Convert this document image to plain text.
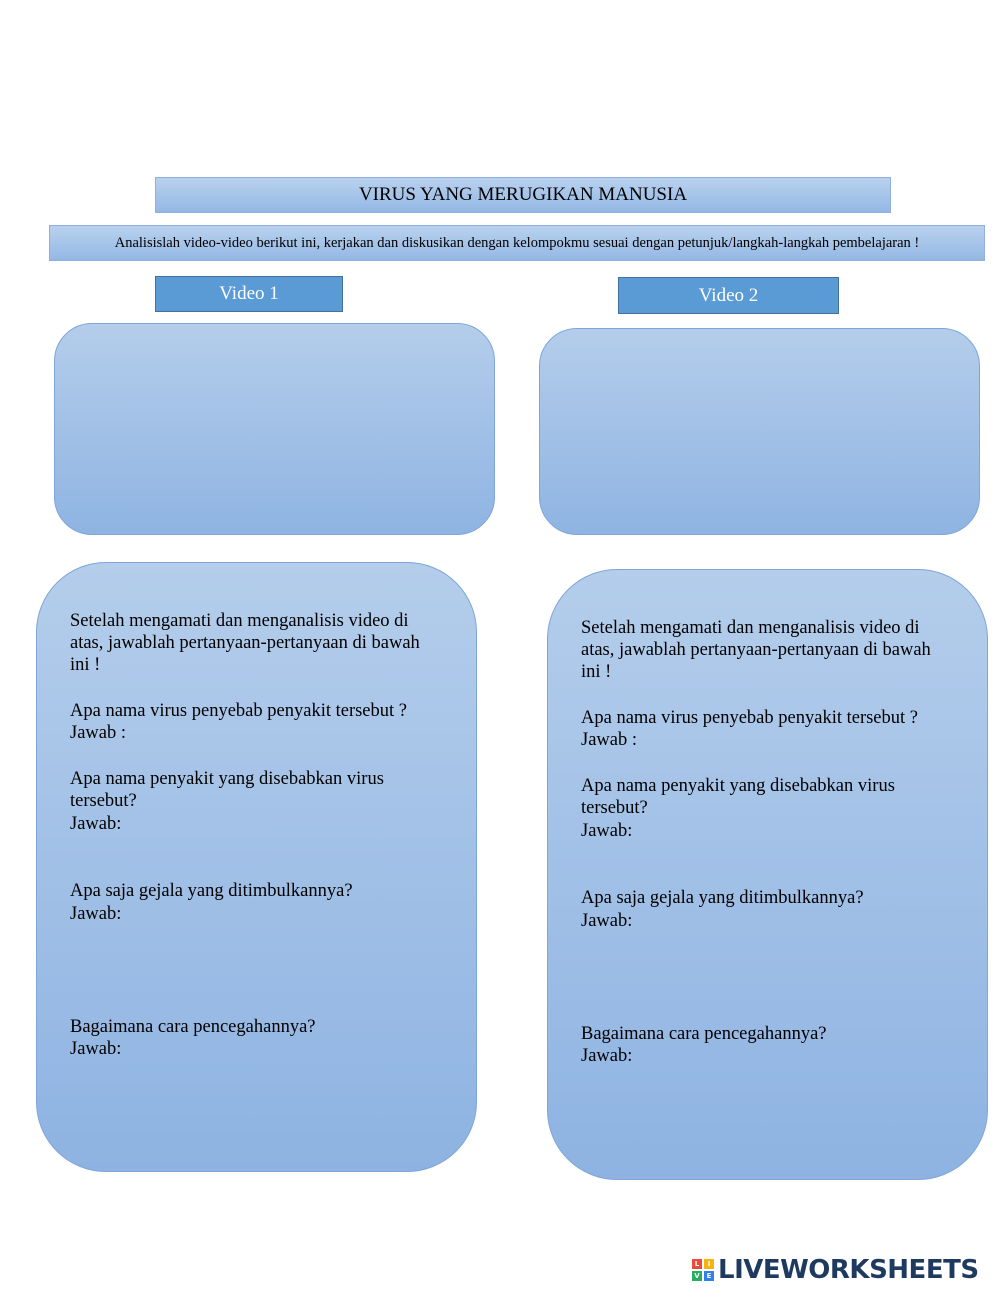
VIRUS YANG MERUGIKAN MANUSIA
Analisislah video-video berikut ini, kerjakan dan diskusikan dengan kelompokmu sesuai dengan petunjuk/langkah-langkah pembelajaran !
Video 1	Video 2
Setelah mengamati dan menganalisis video di
atas, jawablah pertanyaan-pertanyaan di bawah
ini !
Apa nama virus penyebab penyakit tersebut ?
Jawab :
Apa nama penyakit yang disebabkan virus
tersebut?
Jawab:
Apa saja gejala yang ditimbulkannya?
Jawab:
Bagaimana cara pencegahannya?
Jawab:
Setelah mengamati dan menganalisis video di
atas, jawablah pertanyaan-pertanyaan di bawah
ini !
Apa nama virus penyebab penyakit tersebut ?
Jawab :
Apa nama penyakit yang disebabkan virus
tersebut?
Jawab:
Apa saja gejala yang ditimbulkannya?
Jawab:
Bagaimana cara pencegahannya?
Jawab:
L	I
V E LIVEWORKSHEETS
